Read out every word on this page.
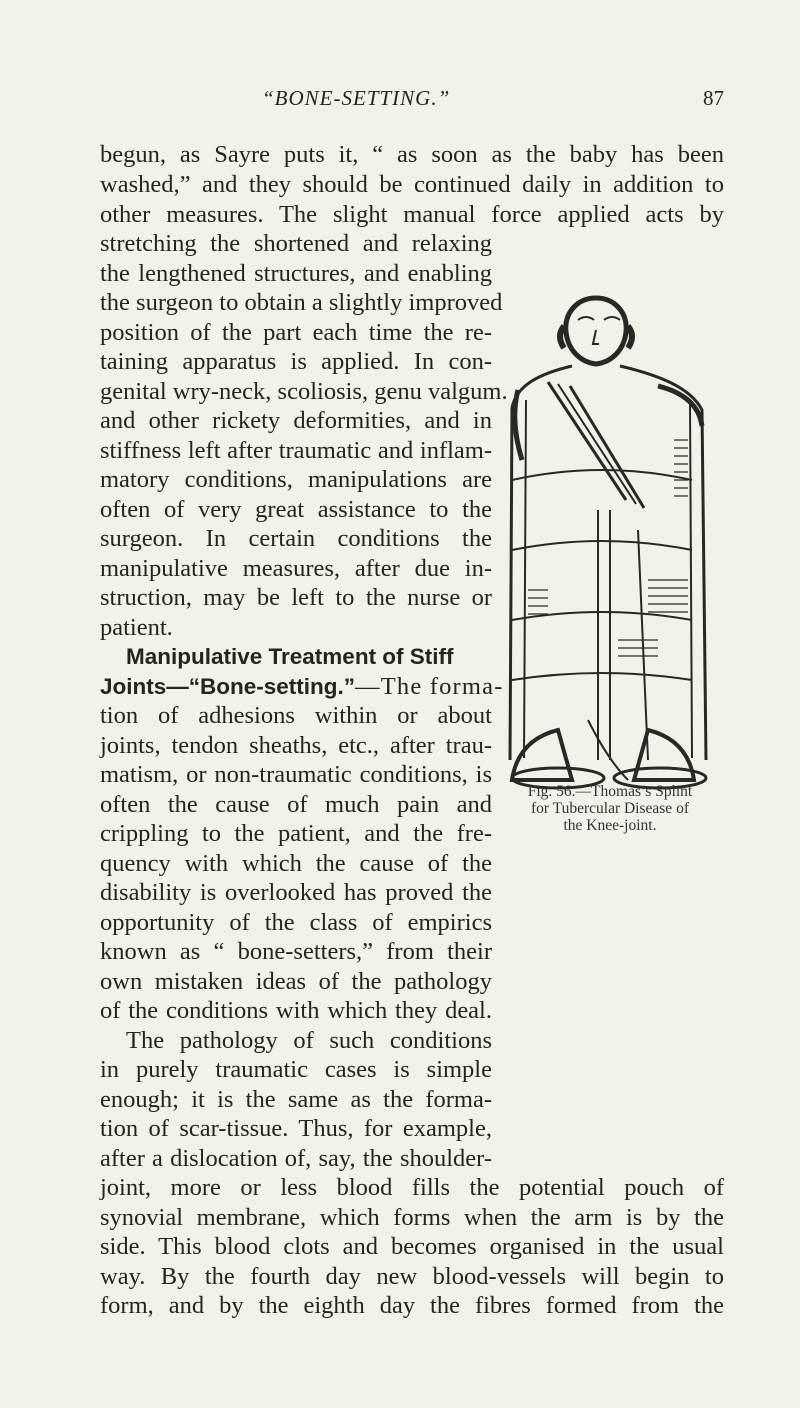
“BONE-SETTING.”	87
begun, as Sayre puts it, “ as soon as the baby has been
washed,” and they should be continued daily in addition to
other measures. The slight manual force applied acts by
stretching the shortened and relaxing
the lengthened structures, and enabling
the surgeon to obtain a slightly improved
position of the part each time the re-
taining apparatus is applied. In con-
genital wry-neck, scoliosis, genu valgum.
and other rickety deformities, and in
stiffness left after traumatic and inflam-
matory conditions, manipulations are
often of very great assistance to the
surgeon. In certain conditions the
manipulative measures, after due in-
struction, may be left to the nurse or
patient.
Manipulative Treatment of Stiff
Joints—“Bone-setting.”—The forma-
tion of adhesions within or about
joints, tendon sheaths, etc., after trau-
matism, or non-traumatic conditions, is
often the cause of much pain and
crippling to the patient, and the fre-
quency with which the cause of the
disability is overlooked has proved the
opportunity of the class of empirics
known as “ bone-setters,” from their
own mistaken ideas of the pathology
of the conditions with which they deal.
The pathology of such conditions
in purely traumatic cases is simple
enough; it is the same as the forma-
tion of scar-tissue. Thus, for example,
after a dislocation of, say, the shoulder-
joint, more or less blood fills the potential pouch of
synovial membrane, which forms when the arm is by the
side. This blood clots and becomes organised in the usual
way. By the fourth day new blood-vessels will begin to
form, and by the eighth day the fibres formed from the
Fig. 56.—Thomas’s Splint
for Tubercular Disease of
the Knee-joint.
